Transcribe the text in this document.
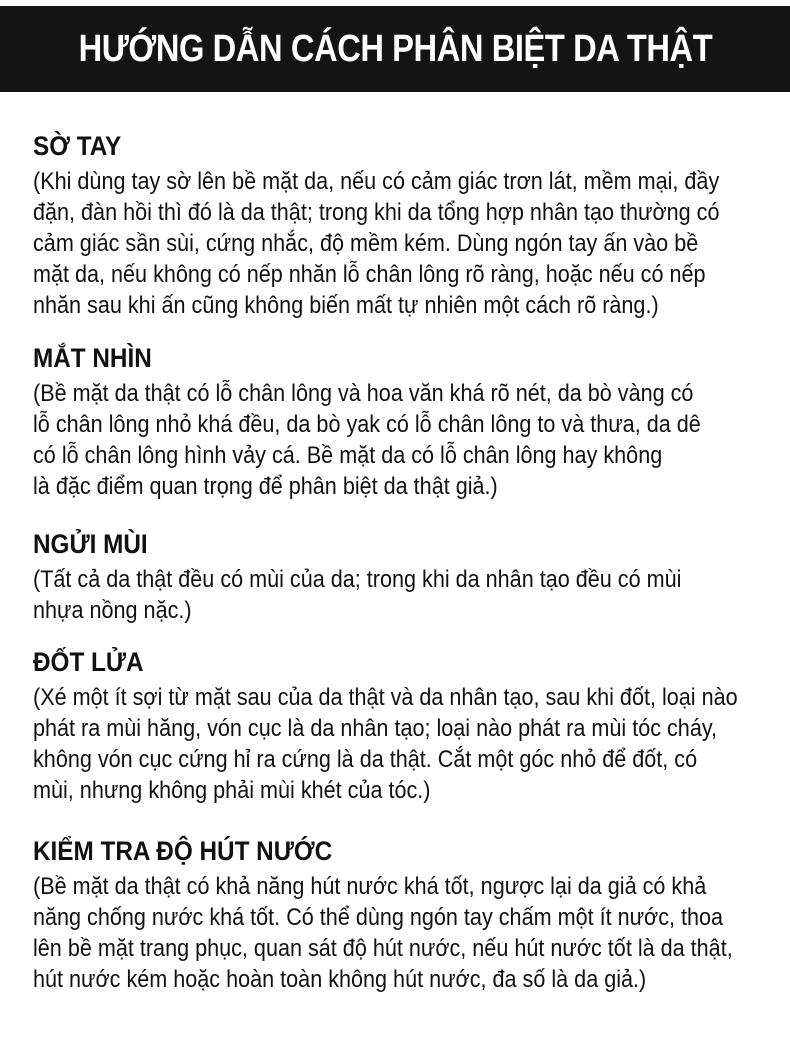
HƯỚNG DẪN CÁCH PHÂN BIỆT DA THẬT
SỜ TAY

(Khi dùng tay sờ lên bề mặt da, nếu có cảm giác trơn lát, mềm mại, đầy
đặn, đàn hồi thì đó là da thật; trong khi da tổng hợp nhân tạo thường có
cảm giác sần sùi, cứng nhắc, độ mềm kém. Dùng ngón tay ấn vào bề
mặt da, nếu không có nếp nhăn lỗ chân lông rõ ràng, hoặc nếu có nếp
nhăn sau khi ấn cũng không biến mất tự nhiên một cách rõ ràng.)

MẮT NHÌN

(Bề mặt da thật có lỗ chân lông và hoa văn khá rõ nét, da bò vàng có
lỗ chân lông nhỏ khá đều, da bò yak có lỗ chân lông to và thưa, da dê
có lỗ chân lông hình vảy cá. Bề mặt da có lỗ chân lông hay không
là đặc điểm quan trọng để phân biệt da thật giả.)

NGỬI MÙI

(Tất cả da thật đều có mùi của da; trong khi da nhân tạo đều có mùi
nhựa nồng nặc.)

ĐỐT LỬA

(Xé một ít sợi từ mặt sau của da thật và da nhân tạo, sau khi đốt, loại nào
phát ra mùi hăng, vón cục là da nhân tạo; loại nào phát ra mùi tóc cháy,
không vón cục cứng hỉ ra cứng là da thật. Cắt một góc nhỏ để đốt, có
mùi, nhưng không phải mùi khét của tóc.)

KIỂM TRA ĐỘ HÚT NƯỚC

(Bề mặt da thật có khả năng hút nước khá tốt, ngược lại da giả có khả
năng chống nước khá tốt. Có thể dùng ngón tay chấm một ít nước, thoa
lên bề mặt trang phục, quan sát độ hút nước, nếu hút nước tốt là da thật,
hút nước kém hoặc hoàn toàn không hút nước, đa số là da giả.)
